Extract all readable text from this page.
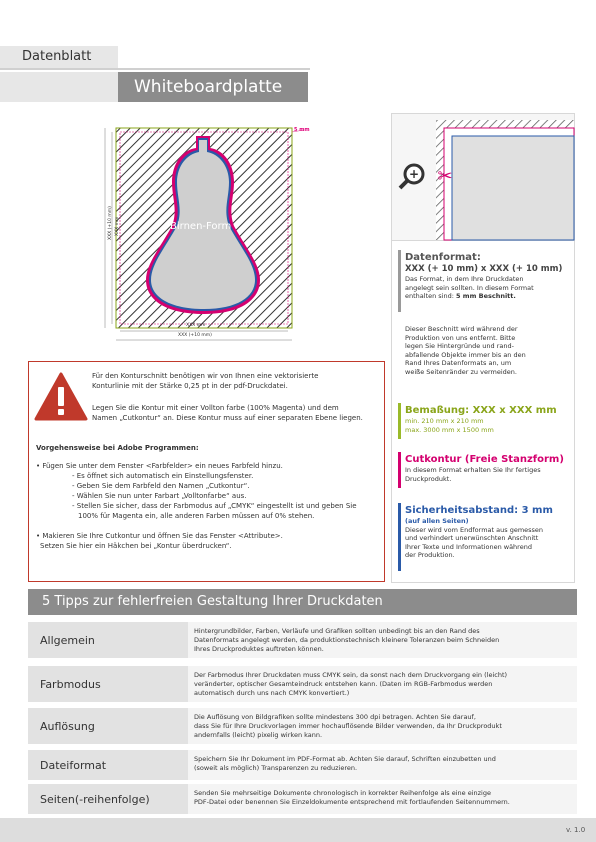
Datenblatt
Whiteboardplatte
Birnen-Form
5 mm
XXX mm
XXX (+10 mm)
XXX (+10 mm) XXX mm
+ ✂
Datenformat:
XXX (+ 10 mm) x XXX (+ 10 mm)
Das Format, in dem Ihre Druckdaten
angelegt sein sollten. In diesem Format
enthalten sind: 5 mm Beschnitt.
Dieser Beschnitt wird während der
Produktion von uns entfernt. Bitte
legen Sie Hintergründe und rand-
abfallende Objekte immer bis an den
Rand Ihres Datenformats an, um
weiße Seitenränder zu vermeiden.
Bemaßung: XXX x XXX mm
min. 210 mm x 210 mm
max. 3000 mm x 1500 mm
Cutkontur (Freie Stanzform)
In diesem Format erhalten Sie Ihr fertiges
Druckprodukt.
Sicherheitsabstand: 3 mm
(auf allen Seiten)
Dieser wird vom Endformat aus gemessen
und verhindert unerwünschten Anschnitt
Ihrer Texte und Informationen während
der Produktion.
Für den Konturschnitt benötigen wir von Ihnen eine vektorisierte
Konturlinie mit der Stärke 0,25 pt in der pdf-Druckdatei.
Legen Sie die Kontur mit einer Vollton farbe (100% Magenta) und dem
Namen „Cutkontur“ an. Diese Kontur muss auf einer separaten Ebene liegen.
Vorgehensweise bei Adobe Programmen:
• Fügen Sie unter dem Fenster <Farbfelder> ein neues Farbfeld hinzu.
- Es öffnet sich automatisch ein Einstellungsfenster.
- Geben Sie dem Farbfeld den Namen „Cutkontur“.
- Wählen Sie nun unter Farbart „Volltonfarbe“ aus.
- Stellen Sie sicher, dass der Farbmodus auf „CMYK“ eingestellt ist und geben Sie
100% für Magenta ein, alle anderen Farben müssen auf 0% stehen.
• Makieren Sie Ihre Cutkontur und öffnen Sie das Fenster <Attribute>.
Setzen Sie hier ein Häkchen bei „Kontur überdrucken“.
5 Tipps zur fehlerfreien Gestaltung Ihrer Druckdaten
Allgemein
Hintergrundbilder, Farben, Verläufe und Grafiken sollten unbedingt bis an den Rand des
Datenformats angelegt werden, da produktionstechnisch kleinere Toleranzen beim Schneiden
Ihres Druckproduktes auftreten können.
Farbmodus
Der Farbmodus Ihrer Druckdaten muss CMYK sein, da sonst nach dem Druckvorgang ein (leicht)
veränderter, optischer Gesamteindruck entstehen kann. (Daten im RGB-Farbmodus werden
automatisch durch uns nach CMYK konvertiert.)
Auflösung
Die Auflösung von Bildgrafiken sollte mindestens 300 dpi betragen. Achten Sie darauf,
dass Sie für Ihre Druckvorlagen immer hochauflösende Bilder verwenden, da Ihr Druckprodukt
andernfalls (leicht) pixelig wirken kann.
Dateiformat	Speichern Sie Ihr Dokument im PDF-Format ab. Achten Sie darauf, Schriften einzubetten und
(soweit als möglich) Transparenzen zu reduzieren.
Seiten(-reihenfolge)	Senden Sie mehrseitige Dokumente chronologisch in korrekter Reihenfolge als eine einzige
PDF-Datei oder benennen Sie Einzeldokumente entsprechend mit fortlaufenden Seitennummern.
v. 1.0
